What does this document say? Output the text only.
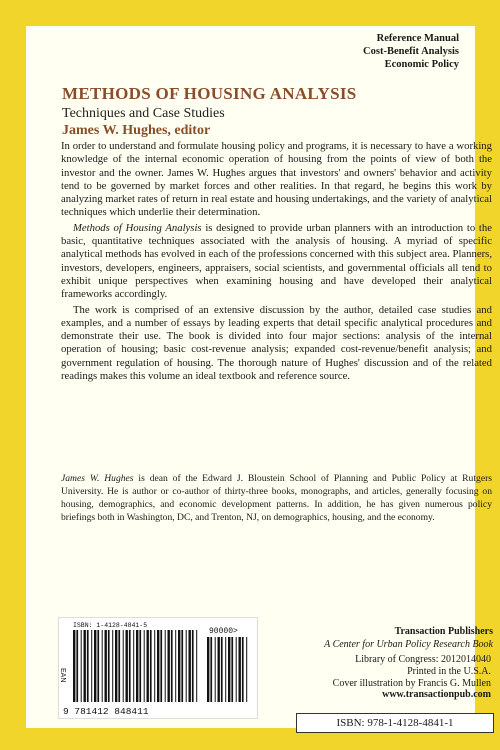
Reference Manual
Cost-Benefit Analysis
Economic Policy
METHODS OF HOUSING ANALYSIS
Techniques and Case Studies
James W. Hughes, editor

In order to understand and formulate housing policy and programs, it is necessary to have a working knowledge of the internal economic operation of housing from the points of view of both the investor and the owner. James W. Hughes argues that investors' and owners' behavior and activity tend to be governed by market forces and other realities. In that regard, he begins this work by analyzing market rates of return in real estate and housing undertakings, and the variety of analytical techniques which underlie their determination.

Methods of Housing Analysis is designed to provide urban planners with an introduction to the basic, quantitative techniques associated with the analysis of housing. A myriad of specific analytical methods has evolved in each of the professions concerned with this subject area. Planners, investors, developers, engineers, appraisers, social scientists, and governmental officials all tend to exhibit unique perspectives when examining housing and have developed their analytical frameworks accordingly.

The work is comprised of an extensive discussion by the author, detailed case studies and examples, and a number of essays by leading experts that detail specific analytical procedures and demonstrate their use. The book is divided into four major sections: analysis of the internal operation of housing; basic cost-revenue analysis; expanded cost-revenue/benefit analysis; and government regulation of housing. The thorough nature of Hughes' discussion and of the related readings makes this volume an ideal textbook and reference source.

James W. Hughes is dean of the Edward J. Bloustein School of Planning and Public Policy at Rutgers University. He is author or co-author of thirty-three books, monographs, and articles, generally focusing on housing, demographics, and economic development patterns. In addition, he has given numerous policy briefings both in Washington, DC, and Trenton, NJ, on demographics, housing, and the economy.
Transaction Publishers
A Center for Urban Policy Research Book
Library of Congress: 2012014040
Printed in the U.S.A.
Cover illustration by Francis G. Mullen
www.transactionpub.com
ISBN: 978-1-4128-4841-1
ISBN: 1-4128-4841-5
90000>
EAN
9 781412 848411
